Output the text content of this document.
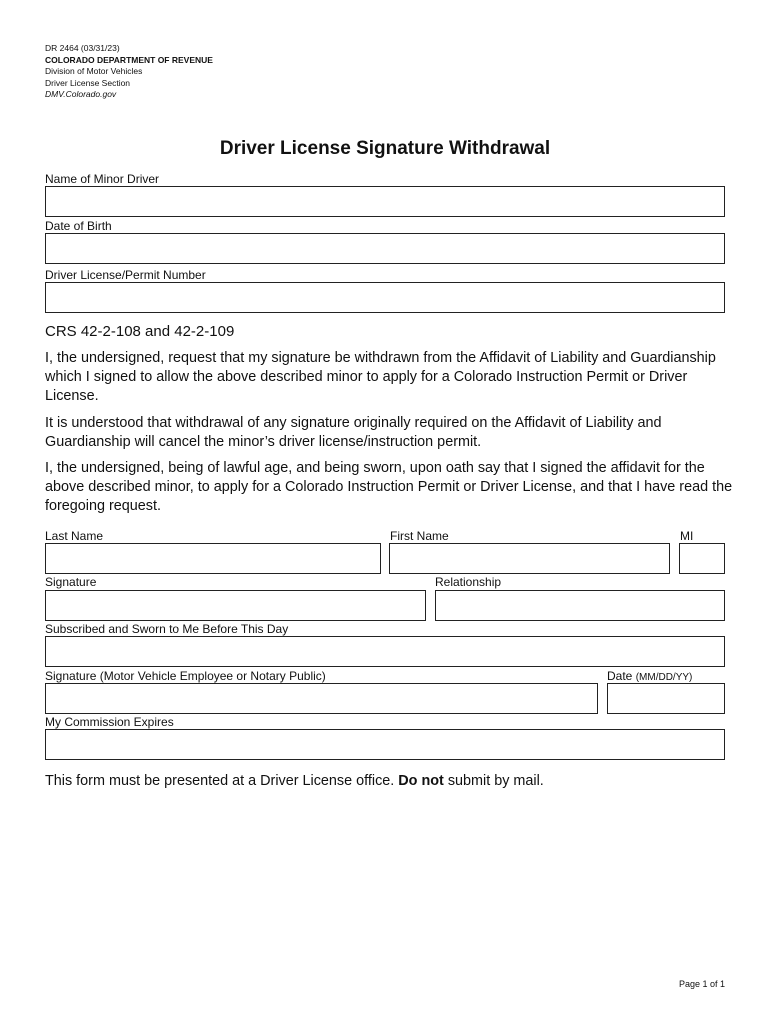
DR 2464 (03/31/23)
COLORADO DEPARTMENT OF REVENUE
Division of Motor Vehicles
Driver License Section
DMV.Colorado.gov
Driver License Signature Withdrawal
Name of Minor Driver
Date of Birth
Driver License/Permit Number
CRS 42-2-108 and 42-2-109
I, the undersigned, request that my signature be withdrawn from the Affidavit of Liability and Guardianship which I signed to allow the above described minor to apply for a Colorado Instruction Permit or Driver License.
It is understood that withdrawal of any signature originally required on the Affidavit of Liability and Guardianship will cancel the minor’s driver license/instruction permit.
I, the undersigned, being of lawful age, and being sworn, upon oath say that I signed the affidavit for the above described minor, to apply for a Colorado Instruction Permit or Driver License, and that I have read the foregoing request.
Last Name	First Name	MI
Signature	Relationship
Subscribed and Sworn to Me Before This Day
Signature (Motor Vehicle Employee or Notary Public)	Date (MM/DD/YY)
My Commission Expires
This form must be presented at a Driver License office. Do not submit by mail.
Page 1 of 1
